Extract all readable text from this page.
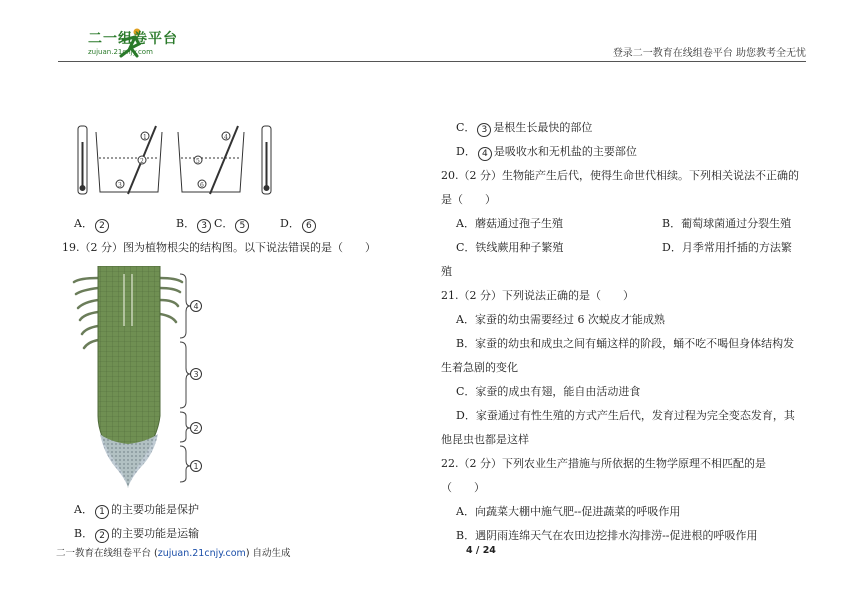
二一组卷平台
zujuan.21cnjy.com	登录二一教育在线组卷平台 助您教考全无忧
1
2
3
4
5
6
A． 2	B． 3 C． 5	D． 6
19.（2 分）图为植物根尖的结构图。以下说法错误的是（　　）
4
3
2
1
A． 1 的主要功能是保护
B． 2 的主要功能是运输
C． 3 是根生长最快的部位
D． 4 是吸收水和无机盐的主要部位
20.（2 分）生物能产生后代，使得生命世代相续。下列相关说法不正确的
是（　　）
A．蘑菇通过孢子生殖	B．葡萄球菌通过分裂生殖
C．铁线蕨用种子繁殖	D．月季常用扦插的方法繁
殖
21.（2 分）下列说法正确的是（　　）
A．家蚕的幼虫需要经过 6 次蜕皮才能成熟
B．家蚕的幼虫和成虫之间有蛹这样的阶段，蛹不吃不喝但身体结构发
生着急剧的变化
C．家蚕的成虫有翅，能自由活动进食
D．家蚕通过有性生殖的方式产生后代，发育过程为完全变态发育，其
他昆虫也都是这样
22.（2 分）下列农业生产措施与所依据的生物学原理不相匹配的是
（　　）
A．向蔬菜大棚中施气肥--促进蔬菜的呼吸作用
B．遇阴雨连绵天气在农田边挖排水沟排涝--促进根的呼吸作用
二一教育在线组卷平台 (zujuan.21cnjy.com) 自动生成	4 / 24
